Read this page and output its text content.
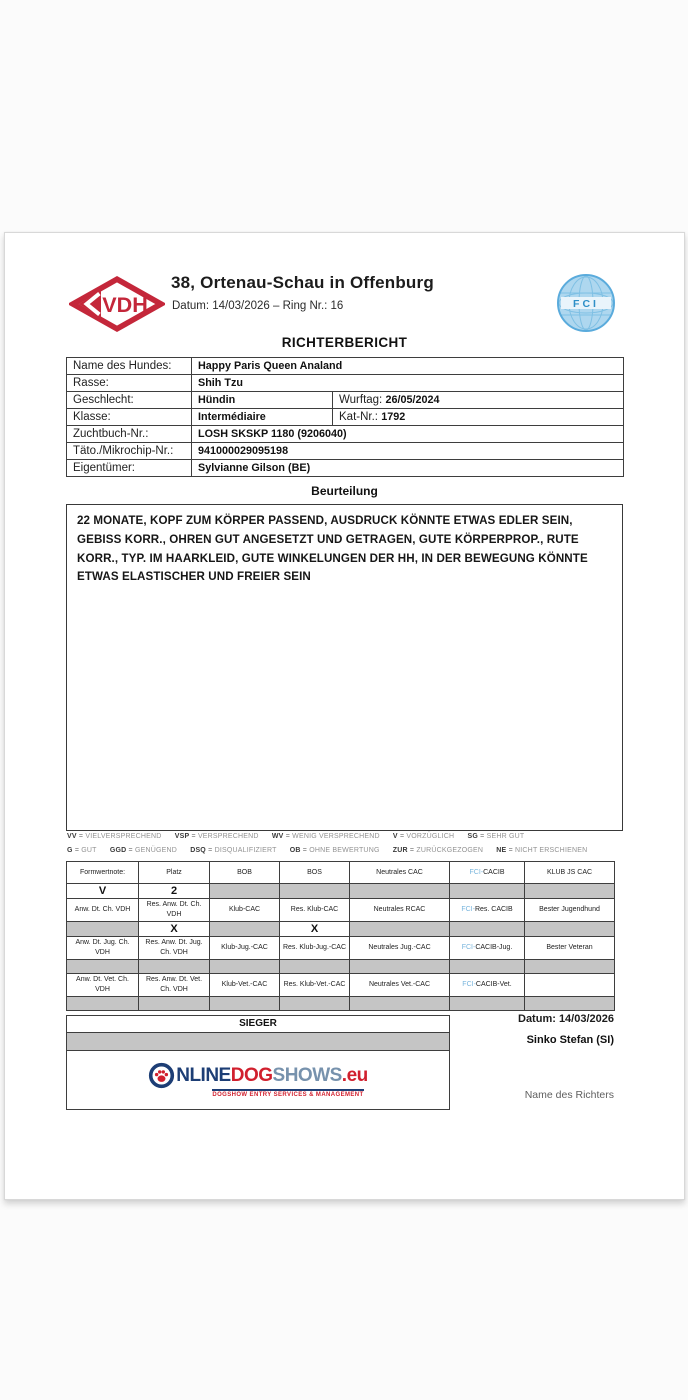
VDH
38, Ortenau-Schau in Offenburg
Datum: 14/03/2026 – Ring Nr.: 16	FCI
RICHTERBERICHT
Name des Hundes:	Happy Paris Queen Analand	
Rasse:	Shih Tzu	
Geschlecht:	Hündin	Wurftag: 26/05/2024
Klasse:	Intermédiaire	Kat-Nr.: 1792
Zuchtbuch-Nr.:	LOSH SKSKP 1180 (9206040)	
Täto./Mikrochip-Nr.:	941000029095198	
Eigentümer:	Sylvianne Gilson (BE)	
Beurteilung
22 MONATE, KOPF ZUM KÖRPER PASSEND, AUSDRUCK KÖNNTE ETWAS EDLER SEIN, GEBISS KORR., OHREN GUT ANGESETZT UND GETRAGEN, GUTE KÖRPERPROP., RUTE KORR., TYP. IM HAARKLEID, GUTE WINKELUNGEN DER HH, IN DER BEWEGUNG KÖNNTE ETWAS ELASTISCHER UND FREIER SEIN
VV = VIELVERSPRECHEND VSP = VERSPRECHEND WV = WENIG VERSPRECHEND V = VORZÜGLICH SG = SEHR GUT
G = GUT GGD = GENÜGEND DSQ = DISQUALIFIZIERT OB = OHNE BEWERTUNG ZUR = ZURÜCKGEZOGEN NE = NICHT ERSCHIENEN
Formwertnote:	Platz	BOB	BOS	Neutrales CAC	FCI-CACIB	KLUB JS CAC
V	2					
Anw. Dt. Ch. VDH	Res. Anw. Dt. Ch. VDH	Klub-CAC	Res. Klub-CAC	Neutrales RCAC	FCI-Res. CACIB	Bester Jugendhund
	X		X			
Anw. Dt. Jug. Ch. VDH	Res. Anw. Dt. Jug. Ch. VDH	Klub-Jug.-CAC	Res. Klub-Jug.-CAC	Neutrales Jug.-CAC	FCI-CACIB-Jug.	Bester Veteran

Anw. Dt. Vet. Ch. VDH	Res. Anw. Dt. Vet. Ch. VDH	Klub-Vet.-CAC	Res. Klub-Vet.-CAC	Neutrales Vet.-CAC	FCI-CACIB-Vet.	

SIEGER
NLINE DOG SHOWS .eu
DOGSHOW ENTRY SERVICES & MANAGEMENT
Datum: 14/03/2026
Sinko Stefan (SI)
Name des Richters
